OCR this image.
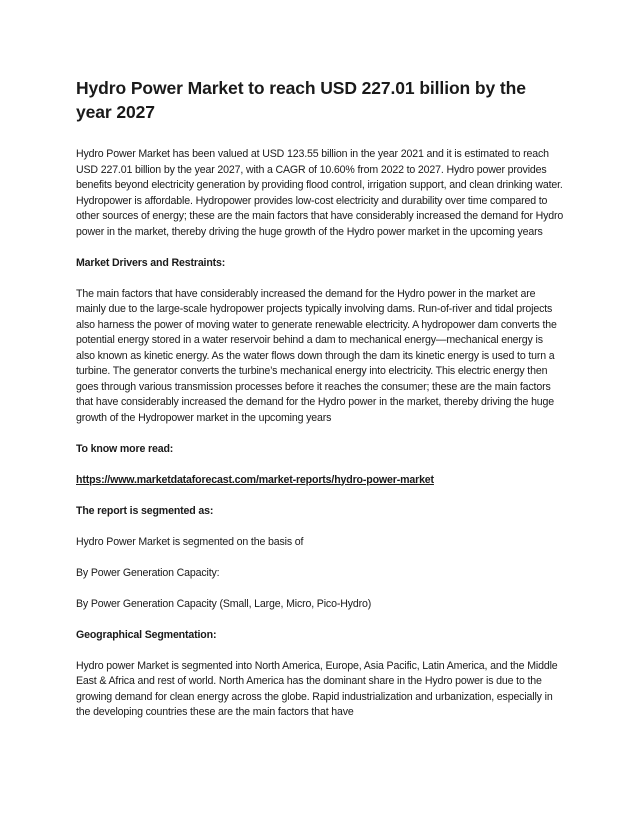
Hydro Power Market to reach USD 227.01 billion by the year 2027
Hydro Power Market has been valued at USD 123.55 billion in the year 2021 and it is estimated to reach USD 227.01 billion by the year 2027, with a CAGR of 10.60% from 2022 to 2027. Hydro power provides benefits beyond electricity generation by providing flood control, irrigation support, and clean drinking water. Hydropower is affordable. Hydropower provides low-cost electricity and durability over time compared to other sources of energy; these are the main factors that have considerably increased the demand for Hydro power in the market, thereby driving the huge growth of the Hydro power market in the upcoming years
Market Drivers and Restraints:
The main factors that have considerably increased the demand for the Hydro power in the market are mainly due to the large-scale hydropower projects typically involving dams. Run-of-river and tidal projects also harness the power of moving water to generate renewable electricity. A hydropower dam converts the potential energy stored in a water reservoir behind a dam to mechanical energy—mechanical energy is also known as kinetic energy. As the water flows down through the dam its kinetic energy is used to turn a turbine. The generator converts the turbine’s mechanical energy into electricity. This electric energy then goes through various transmission processes before it reaches the consumer; these are the main factors that have considerably increased the demand for the Hydro power in the market, thereby driving the huge growth of the Hydropower market in the upcoming years
To know more read:
https://www.marketdataforecast.com/market-reports/hydro-power-market
The report is segmented as:
Hydro Power Market is segmented on the basis of
By Power Generation Capacity:
By Power Generation Capacity (Small, Large, Micro, Pico-Hydro)
Geographical Segmentation:
Hydro power Market is segmented into North America, Europe, Asia Pacific, Latin America, and the Middle East & Africa and rest of world. North America has the dominant share in the Hydro power is due to the growing demand for clean energy across the globe. Rapid industrialization and urbanization, especially in the developing countries these are the main factors that have
